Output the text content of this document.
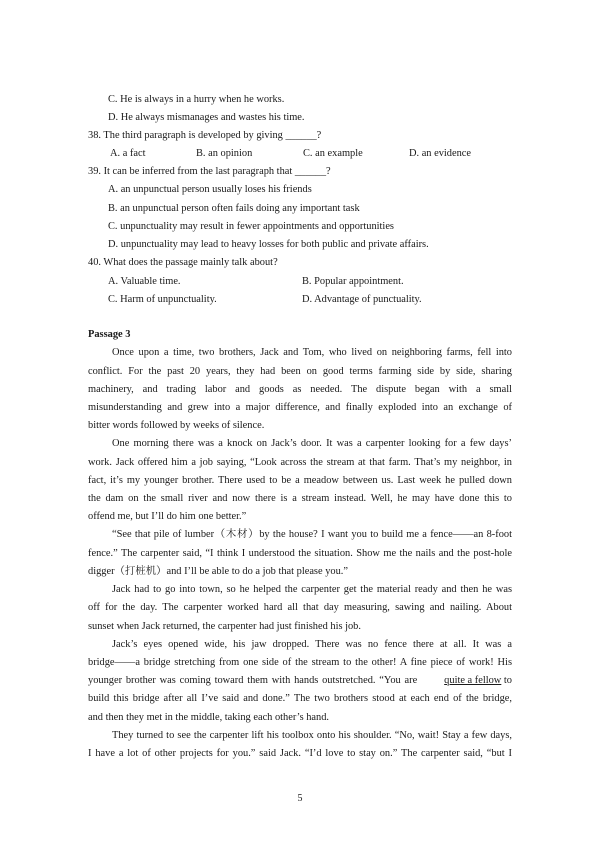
C. He is always in a hurry when he works.
D. He always mismanages and wastes his time.
38. The third paragraph is developed by giving ______?
A. a fact	B. an opinion	C. an example	D. an evidence
39. It can be inferred from the last paragraph that ______?
A. an unpunctual person usually loses his friends
B. an unpunctual person often fails doing any important task
C. unpunctuality may result in fewer appointments and opportunities
D. unpunctuality may lead to heavy losses for both public and private affairs.
40. What does the passage mainly talk about?
A. Valuable time.	B. Popular appointment.
C. Harm of unpunctuality.	D. Advantage of punctuality.
Passage 3
Once upon a time, two brothers, Jack and Tom, who lived on neighboring farms, fell into
conflict. For the past 20 years, they had been on good terms farming side by side, sharing
machinery, and trading labor and goods as needed. The dispute began with a small
misunderstanding and grew into a major difference, and finally exploded into an exchange of
bitter words followed by weeks of silence.
One morning there was a knock on Jack’s door. It was a carpenter looking for a few days’
work. Jack offered him a job saying, “Look across the stream at that farm. That’s my neighbor, in
fact, it’s my younger brother. There used to be a meadow between us. Last week he pulled down
the dam on the small river and now there is a stream instead. Well, he may have done this to
offend me, but I’ll do him one better.”
“See that pile of lumber（木材）by the house? I want you to build me a fence——an 8-foot
fence.” The carpenter said, “I think I understood the situation. Show me the nails and the post-hole
digger（打桩机）and I’ll be able to do a job that please you.”
Jack had to go into town, so he helped the carpenter get the material ready and then he was
off for the day. The carpenter worked hard all that day measuring, sawing and nailing. About
sunset when Jack returned, the carpenter had just finished his job.
Jack’s eyes opened wide, his jaw dropped. There was no fence there at all. It was a
bridge——a bridge stretching from one side of the stream to the other! A fine piece of work! His
younger brother was coming toward them with hands outstretched. “You are quite a fellow to
build this bridge after all I’ve said and done.” The two brothers stood at each end of the bridge,
and then they met in the middle, taking each other’s hand.
They turned to see the carpenter lift his toolbox onto his shoulder. “No, wait! Stay a few days,
I have a lot of other projects for you.” said Jack. “I’d love to stay on.” The carpenter said, “but I
5
